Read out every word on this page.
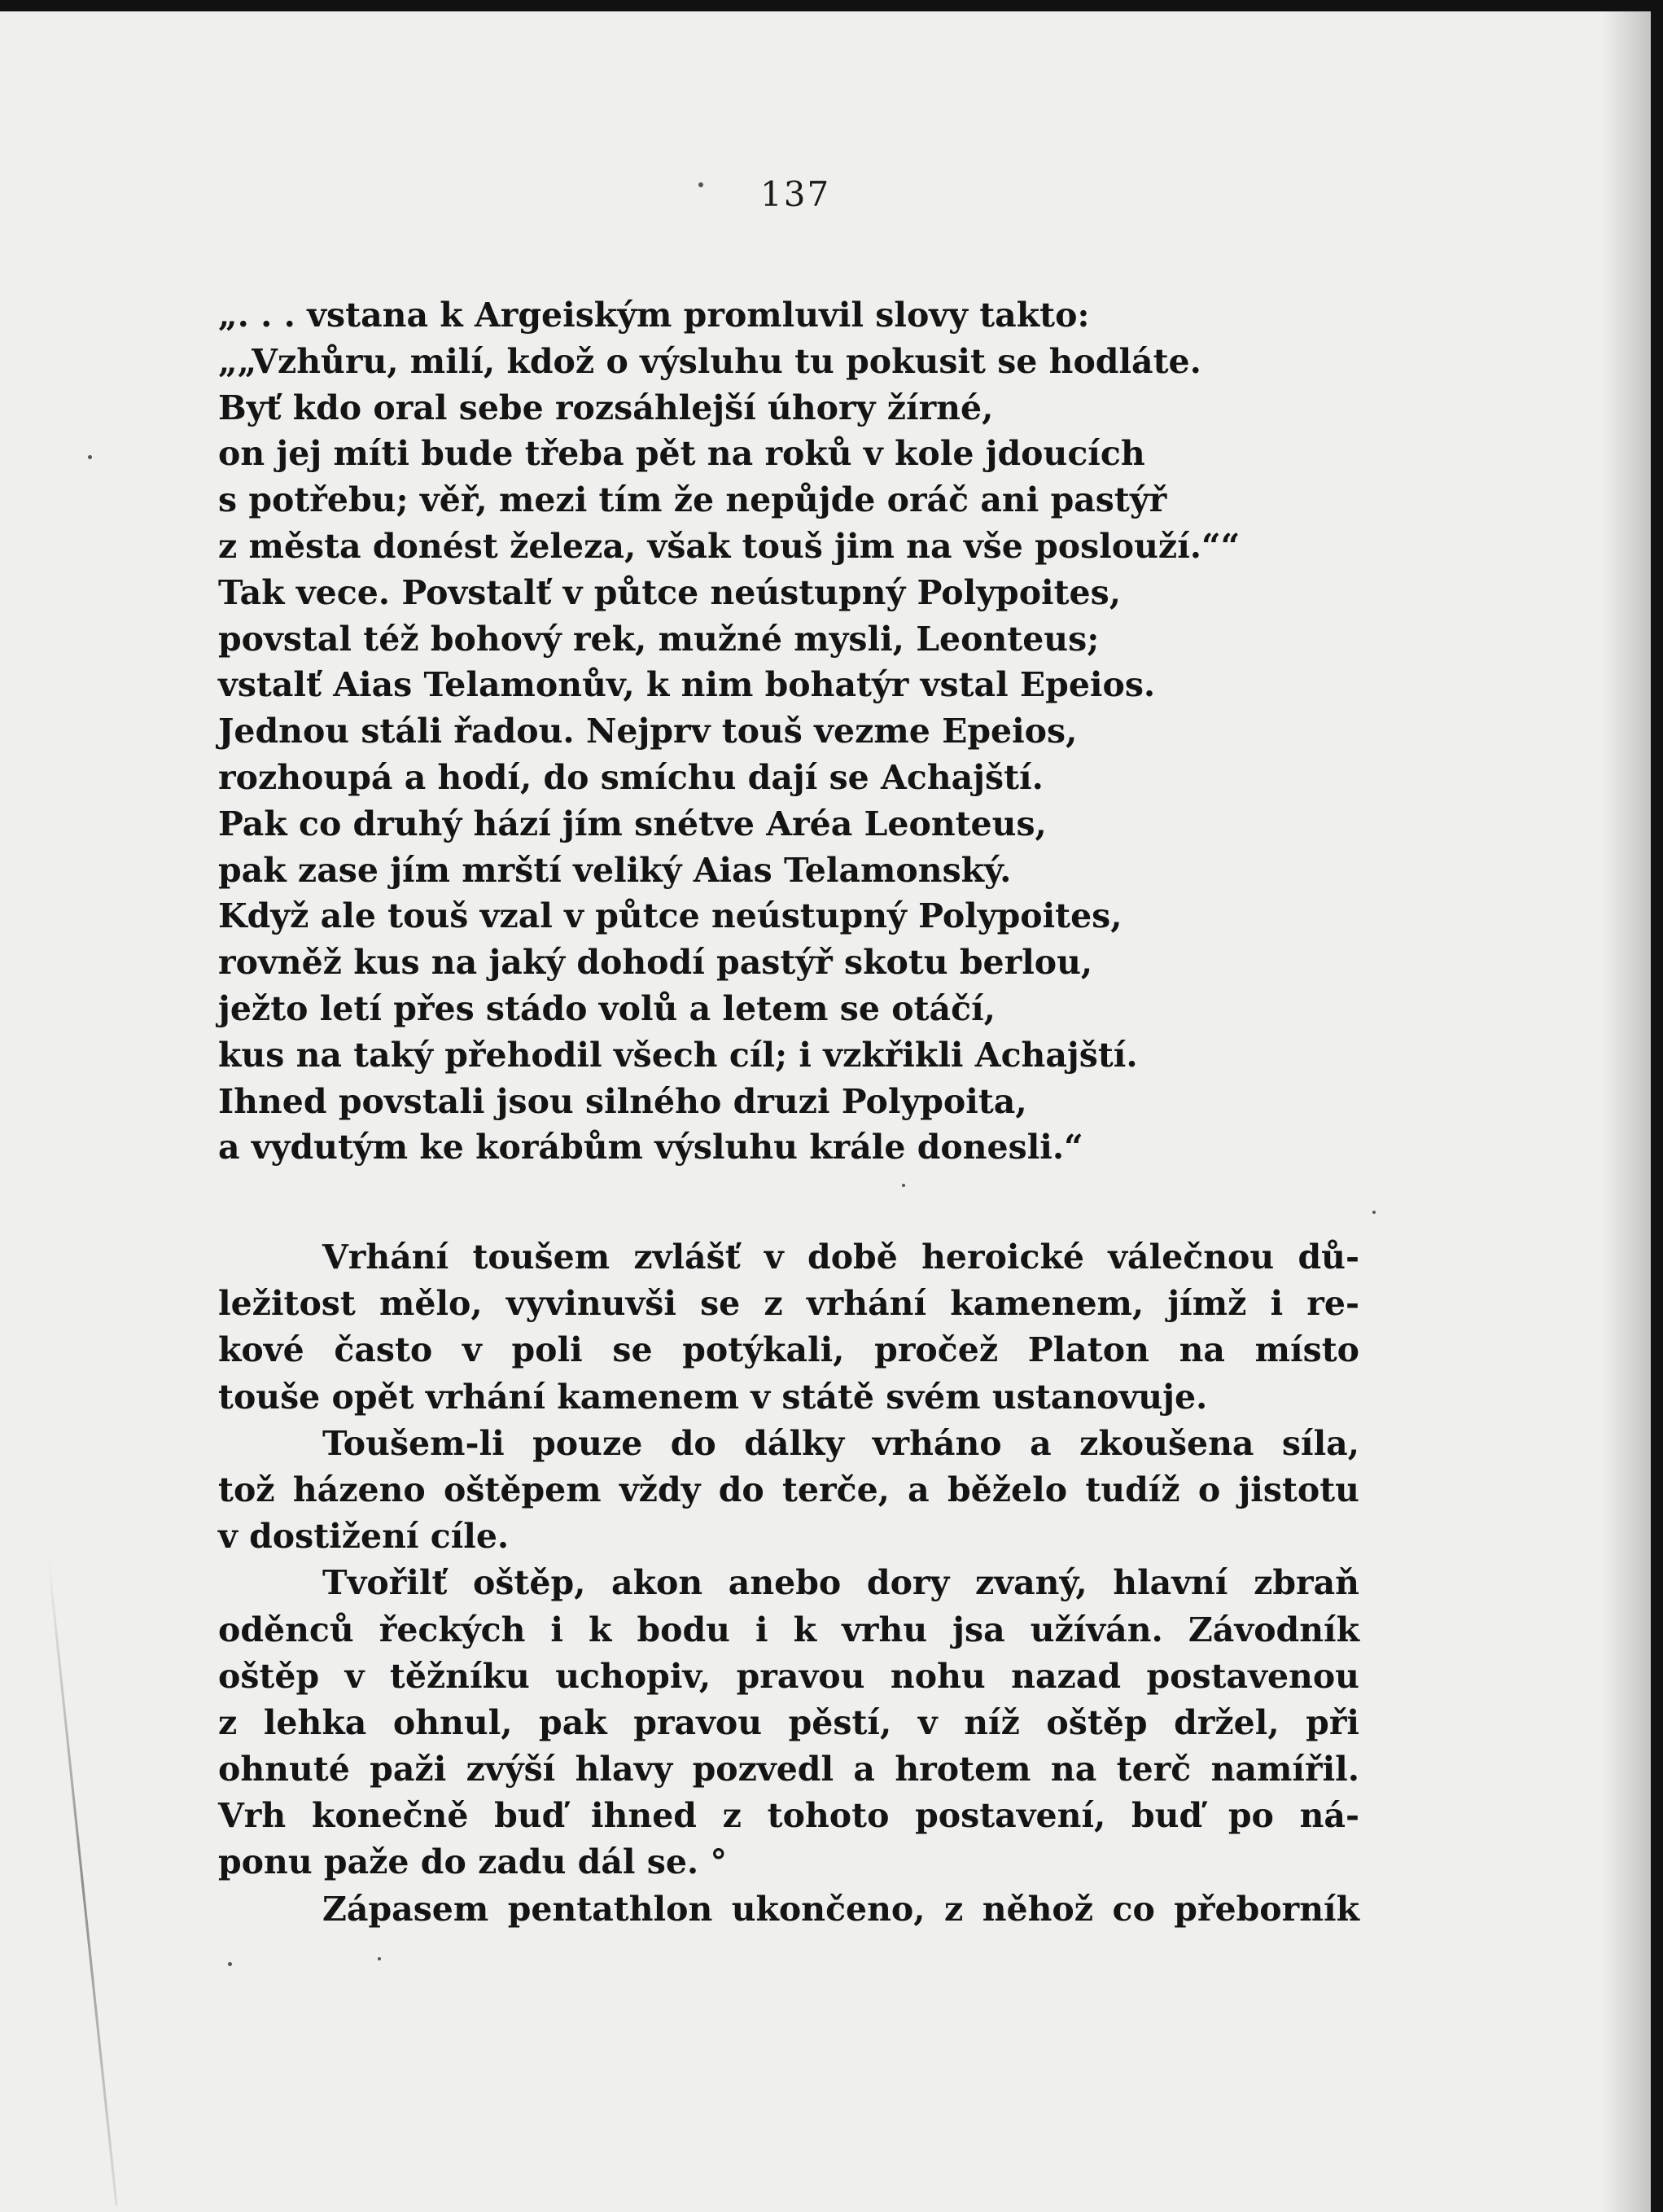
137
„. . . vstana k Argeiským promluvil slovy takto:
„„Vzhůru, milí, kdož o výsluhu tu pokusit se hodláte.
Byť kdo oral sebe rozsáhlejší úhory žírné,
on jej míti bude třeba pět na roků v kole jdoucích
s potřebu; věř, mezi tím že nepůjde oráč ani pastýř
z města donést železa, však touš jim na vše poslouží.““
Tak vece. Povstalť v půtce neústupný Polypoites,
povstal též bohový rek, mužné mysli, Leonteus;
vstalť Aias Telamonův, k nim bohatýr vstal Epeios.
Jednou stáli řadou. Nejprv touš vezme Epeios,
rozhoupá a hodí, do smíchu dají se Achajští.
Pak co druhý hází jím snétve Aréa Leonteus,
pak zase jím mrští veliký Aias Telamonský.
Když ale touš vzal v půtce neústupný Polypoites,
rovněž kus na jaký dohodí pastýř skotu berlou,
ježto letí přes stádo volů a letem se otáčí,
kus na taký přehodil všech cíl; i vzkřikli Achajští.
Ihned povstali jsou silného druzi Polypoita,
a vydutým ke korábům výsluhu krále donesli.“
Vrhání toušem zvlášť v době heroické válečnou dů-
ležitost mělo, vyvinuvši se z vrhání kamenem, jímž i re-
kové často v poli se potýkali, pročež Platon na místo
touše opět vrhání kamenem v státě svém ustanovuje.
Toušem-li pouze do dálky vrháno a zkoušena síla,
tož házeno oštěpem vždy do terče, a běželo tudíž o jistotu
v dostižení cíle.
Tvořilť oštěp, akon anebo dory zvaný, hlavní zbraň
oděnců řeckých i k bodu i k vrhu jsa užíván. Závodník
oštěp v těžníku uchopiv, pravou nohu nazad postavenou
z lehka ohnul, pak pravou pěstí, v níž oštěp držel, při
ohnuté paži zvýší hlavy pozvedl a hrotem na terč namířil.
Vrh konečně buď ihned z tohoto postavení, buď po ná-
ponu paže do zadu dál se. °
Zápasem pentathlon ukončeno, z něhož co přeborník
